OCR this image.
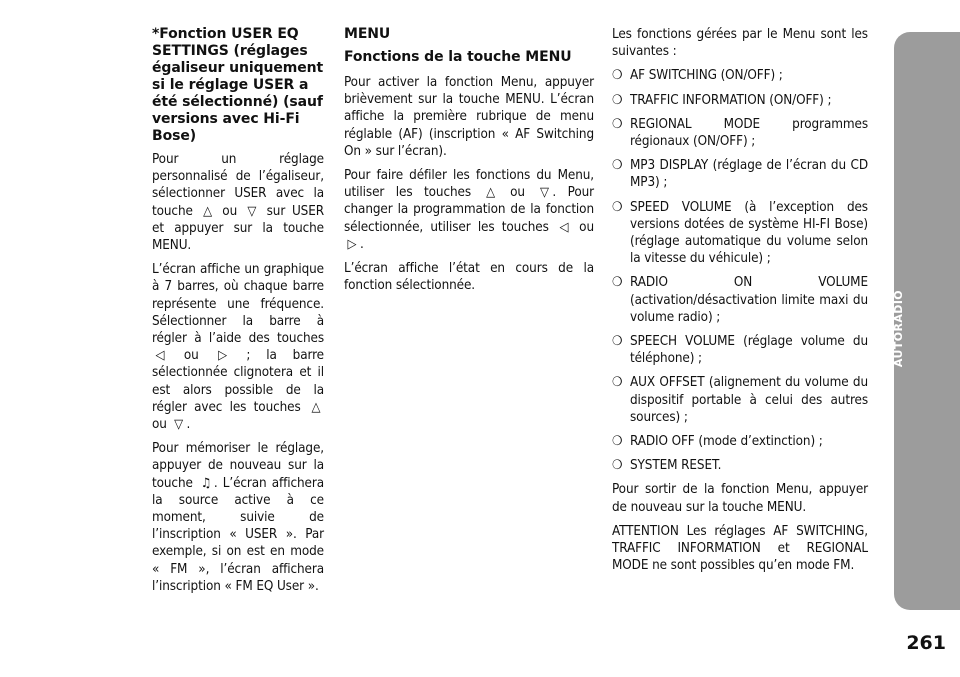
*Fonction USER EQ SETTINGS (réglages égaliseur uniquement si le réglage USER a été sélectionné) (sauf versions avec Hi-Fi Bose)

Pour un réglage personnalisé de l’égaliseur, sélectionner USER avec la touche △ ou ▽ sur USER et appuyer sur la touche MENU.

L’écran affiche un graphique à 7 barres, où chaque barre représente une fréquence. Sélectionner la barre à régler à l’aide des touches ◁ ou ▷ ; la barre sélectionnée clignotera et il est alors possible de la régler avec les touches △ ou ▽ .

Pour mémoriser le réglage, appuyer de nouveau sur la touche ♫ . L’écran affichera la source active à ce moment, suivie de l’inscription « USER ». Par exemple, si on est en mode « FM », l’écran affichera l’inscription « FM EQ User ».

MENU
Fonctions de la touche MENU

Pour activer la fonction Menu, appuyer brièvement sur la touche MENU. L’écran affiche la première rubrique de menu réglable (AF) (inscription « AF Switching On » sur l’écran).

Pour faire défiler les fonctions du Menu, utiliser les touches △ ou ▽ . Pour changer la programmation de la fonction sélectionnée, utiliser les touches ◁ ou ▷ .

L’écran affiche l’état en cours de la fonction sélectionnée.

Les fonctions gérées par le Menu sont les suivantes :

❍ AF SWITCHING (ON/OFF) ;
❍ TRAFFIC INFORMATION (ON/OFF) ;
❍ REGIONAL MODE programmes régionaux (ON/OFF) ;
❍ MP3 DISPLAY (réglage de l’écran du CD MP3) ;
❍ SPEED VOLUME (à l’exception des versions dotées de système HI-FI Bose) (réglage automatique du volume selon la vitesse du véhicule) ;
❍ RADIO ON VOLUME (activation/désactivation limite maxi du volume radio) ;
❍ SPEECH VOLUME (réglage volume du téléphone) ;
❍ AUX OFFSET (alignement du volume du dispositif portable à celui des autres sources) ;
❍ RADIO OFF (mode d’extinction) ;
❍ SYSTEM RESET.

Pour sortir de la fonction Menu, appuyer de nouveau sur la touche MENU.

ATTENTION Les réglages AF SWITCHING, TRAFFIC INFORMATION et REGIONAL MODE ne sont possibles qu’en mode FM.

AUTORADIO
261
